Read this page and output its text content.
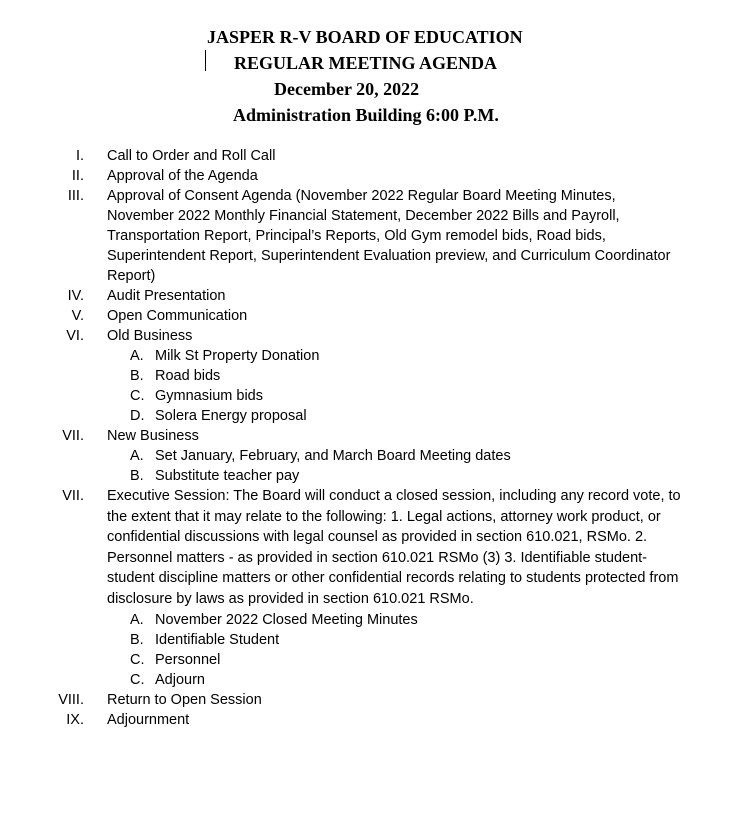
JASPER R-V BOARD OF EDUCATION
REGULAR MEETING AGENDA
December 20, 2022
Administration Building 6:00 P.M.
I. Call to Order and Roll Call
II. Approval of the Agenda
III. Approval of Consent Agenda (November 2022 Regular Board Meeting Minutes, November 2022 Monthly Financial Statement, December 2022 Bills and Payroll, Transportation Report, Principal’s Reports, Old Gym remodel bids, Road bids, Superintendent Report, Superintendent Evaluation preview, and Curriculum Coordinator Report)
IV. Audit Presentation
V. Open Communication
VI. Old Business
A. Milk St Property Donation
B. Road bids
C. Gymnasium bids
D. Solera Energy proposal
VII. New Business
A. Set January, February, and March Board Meeting dates
B. Substitute teacher pay
VII. Executive Session: The Board will conduct a closed session, including any record vote, to the extent that it may relate to the following: 1. Legal actions, attorney work product, or confidential discussions with legal counsel as provided in section 610.021, RSMo. 2. Personnel matters - as provided in section 610.021 RSMo (3) 3. Identifiable student-student discipline matters or other confidential records relating to students protected from disclosure by laws as provided in section 610.021 RSMo.
A. November 2022 Closed Meeting Minutes
B. Identifiable Student
C. Personnel
C. Adjourn
VIII. Return to Open Session
IX. Adjournment
